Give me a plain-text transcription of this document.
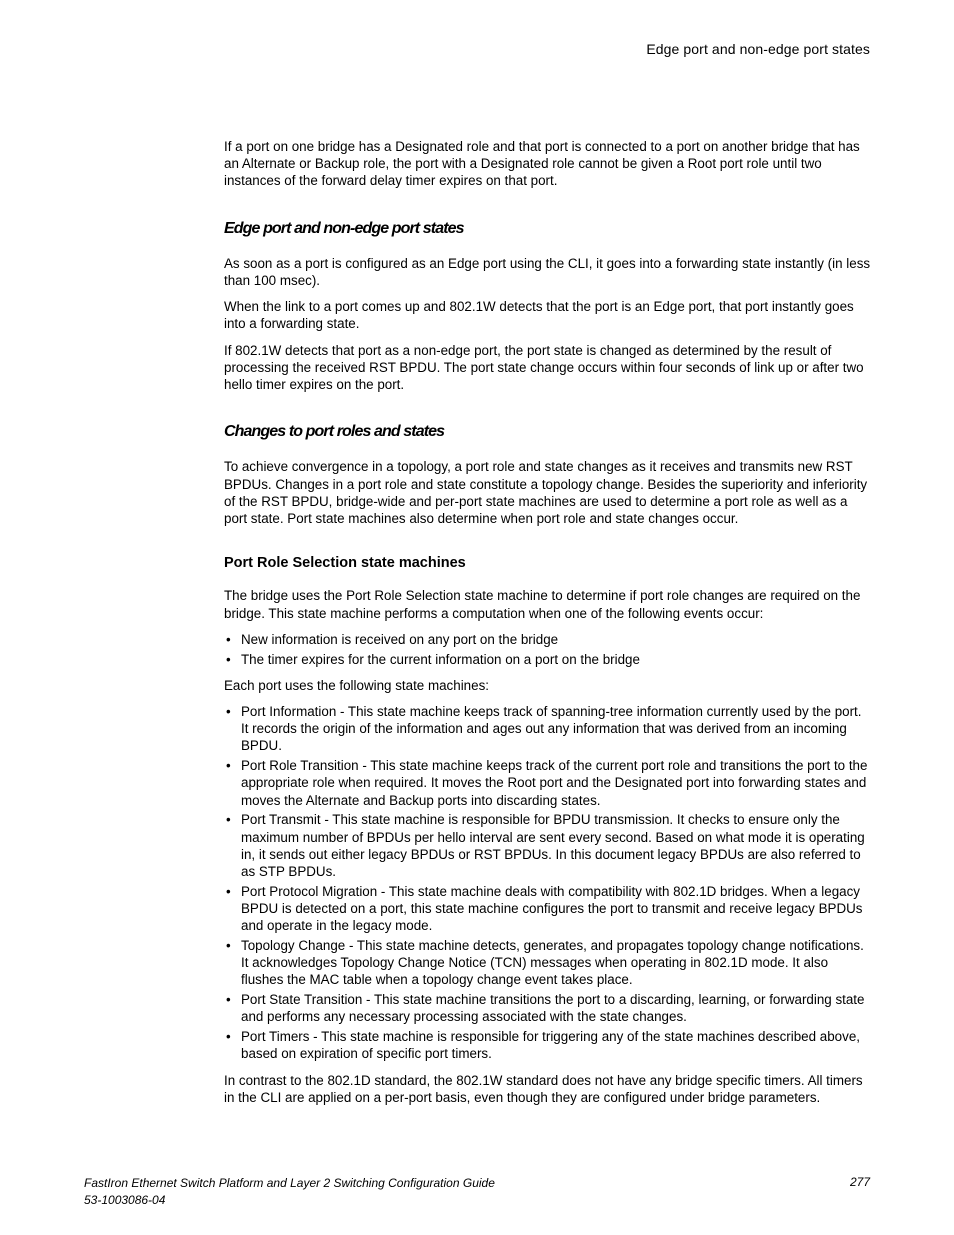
Edge port and non-edge port states

If a port on one bridge has a Designated role and that port is connected to a port on another bridge that has an Alternate or Backup role, the port with a Designated role cannot be given a Root port role until two instances of the forward delay timer expires on that port.

Edge port and non-edge port states

As soon as a port is configured as an Edge port using the CLI, it goes into a forwarding state instantly (in less than 100 msec).

When the link to a port comes up and 802.1W detects that the port is an Edge port, that port instantly goes into a forwarding state.

If 802.1W detects that port as a non-edge port, the port state is changed as determined by the result of processing the received RST BPDU. The port state change occurs within four seconds of link up or after two hello timer expires on the port.

Changes to port roles and states

To achieve convergence in a topology, a port role and state changes as it receives and transmits new RST BPDUs. Changes in a port role and state constitute a topology change. Besides the superiority and inferiority of the RST BPDU, bridge-wide and per-port state machines are used to determine a port role as well as a port state. Port state machines also determine when port role and state changes occur.

Port Role Selection state machines

The bridge uses the Port Role Selection state machine to determine if port role changes are required on the bridge. This state machine performs a computation when one of the following events occur:

• New information is received on any port on the bridge
• The timer expires for the current information on a port on the bridge

Each port uses the following state machines:

• Port Information - This state machine keeps track of spanning-tree information currently used by the port. It records the origin of the information and ages out any information that was derived from an incoming BPDU.
• Port Role Transition - This state machine keeps track of the current port role and transitions the port to the appropriate role when required. It moves the Root port and the Designated port into forwarding states and moves the Alternate and Backup ports into discarding states.
• Port Transmit - This state machine is responsible for BPDU transmission. It checks to ensure only the maximum number of BPDUs per hello interval are sent every second. Based on what mode it is operating in, it sends out either legacy BPDUs or RST BPDUs. In this document legacy BPDUs are also referred to as STP BPDUs.
• Port Protocol Migration - This state machine deals with compatibility with 802.1D bridges. When a legacy BPDU is detected on a port, this state machine configures the port to transmit and receive legacy BPDUs and operate in the legacy mode.
• Topology Change - This state machine detects, generates, and propagates topology change notifications. It acknowledges Topology Change Notice (TCN) messages when operating in 802.1D mode. It also flushes the MAC table when a topology change event takes place.
• Port State Transition - This state machine transitions the port to a discarding, learning, or forwarding state and performs any necessary processing associated with the state changes.
• Port Timers - This state machine is responsible for triggering any of the state machines described above, based on expiration of specific port timers.

In contrast to the 802.1D standard, the 802.1W standard does not have any bridge specific timers. All timers in the CLI are applied on a per-port basis, even though they are configured under bridge parameters.

FastIron Ethernet Switch Platform and Layer 2 Switching Configuration Guide
53-1003086-04
277
